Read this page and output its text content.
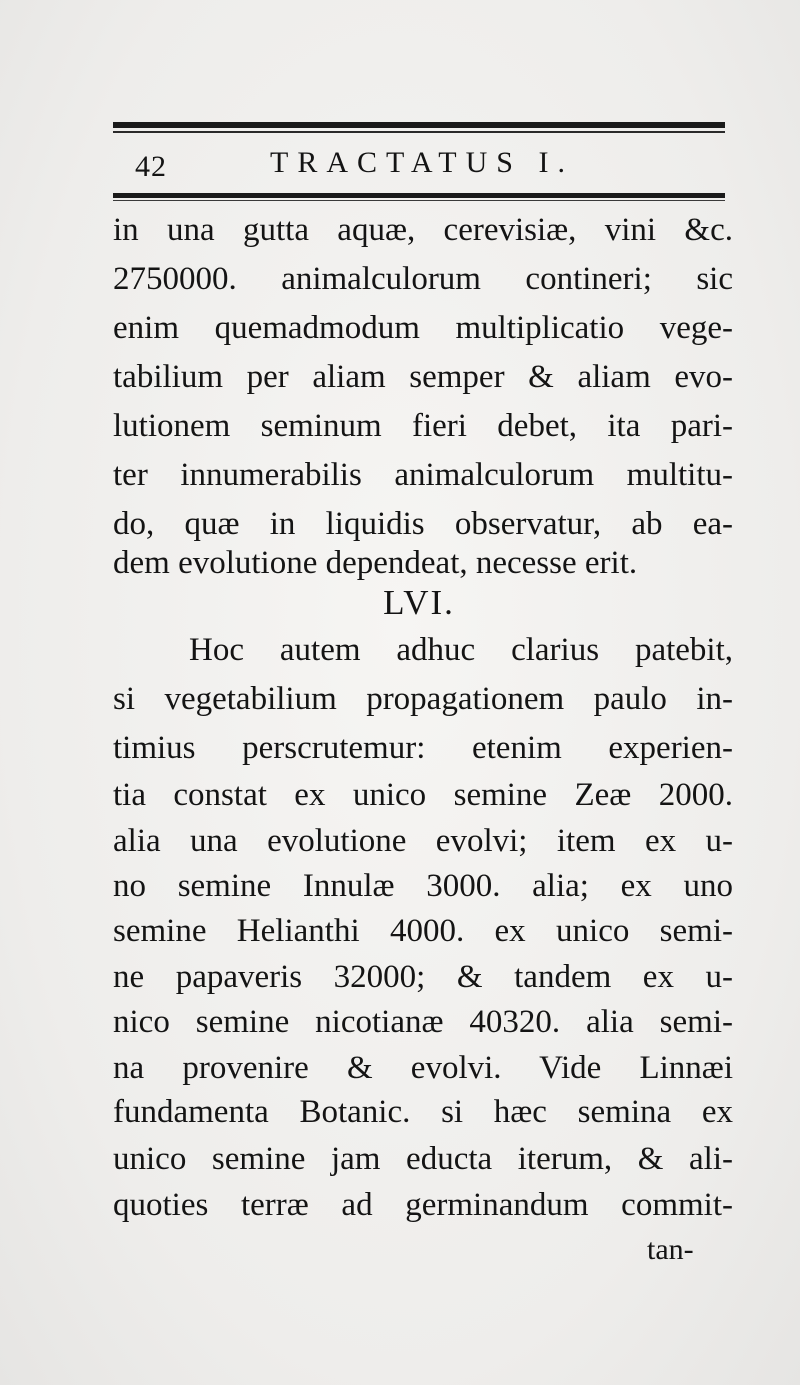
42	TRACTATUS I.
in una gutta aquæ, cerevisiæ, vini &c.
2750000. animalculorum contineri; sic
enim quemadmodum multiplicatio vege-
tabilium per aliam semper & aliam evo-
lutionem seminum fieri debet, ita pari-
ter innumerabilis animalculorum multitu-
do, quæ in liquidis observatur, ab ea-
dem evolutione dependeat, necesse erit.
LVI.
Hoc autem adhuc clarius patebit,
si vegetabilium propagationem paulo in-
timius perscrutemur: etenim experien-
tia constat ex unico semine Zeæ 2000.
alia una evolutione evolvi; item ex u-
no semine Innulæ 3000. alia; ex uno
semine Helianthi 4000. ex unico semi-
ne papaveris 32000; & tandem ex u-
nico semine nicotianæ 40320. alia semi-
na provenire & evolvi. Vide Linnæi
fundamenta Botanic. si hæc semina ex
unico semine jam educta iterum, & ali-
quoties terræ ad germinandum commit-
tan-
